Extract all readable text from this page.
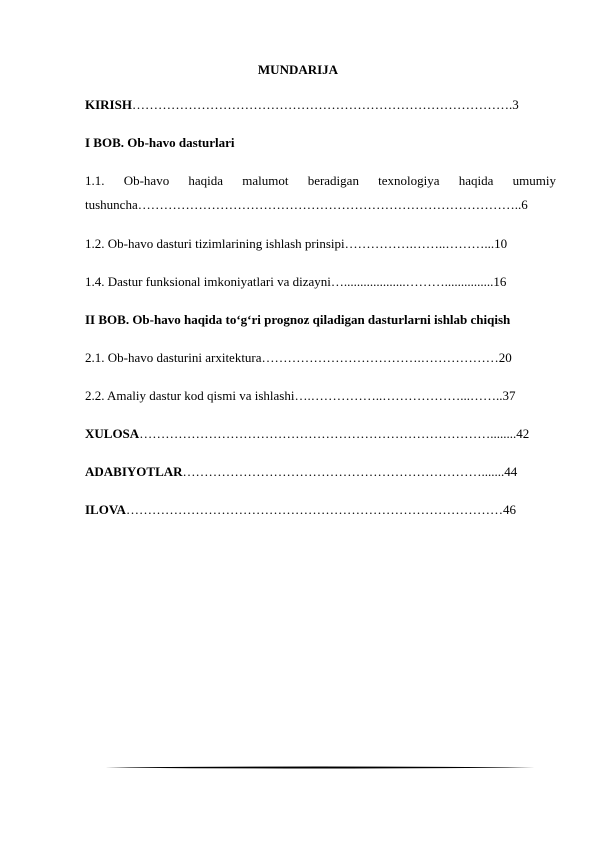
MUNDARIJA
KIRISH…………………………………………………………………………….3
I BOB. Ob-havo dasturlari
1.1. Ob-havo haqida malumot beradigan texnologiya haqida umumiy
tushuncha……………………………………………………………………………..6
1.2. Ob-havo dasturi tizimlarining ishlash prinsipi…………….……..………...10
1.4. Dastur funksional imkoniyatlari va dizayni…...................………...............16
II BOB. Ob-havo haqida to‘g‘ri prognoz qiladigan dasturlarni ishlab chiqish
2.1. Ob-havo dasturini arxitektura……………………………….………………20
2.2. Amaliy dastur kod qismi va ishlashi….……………..………………...……..37
XULOSA………………………………………………………………………........42
ADABIYOTLAR…………………………………………………………….......44
ILOVA……………………………………………………………………………46
